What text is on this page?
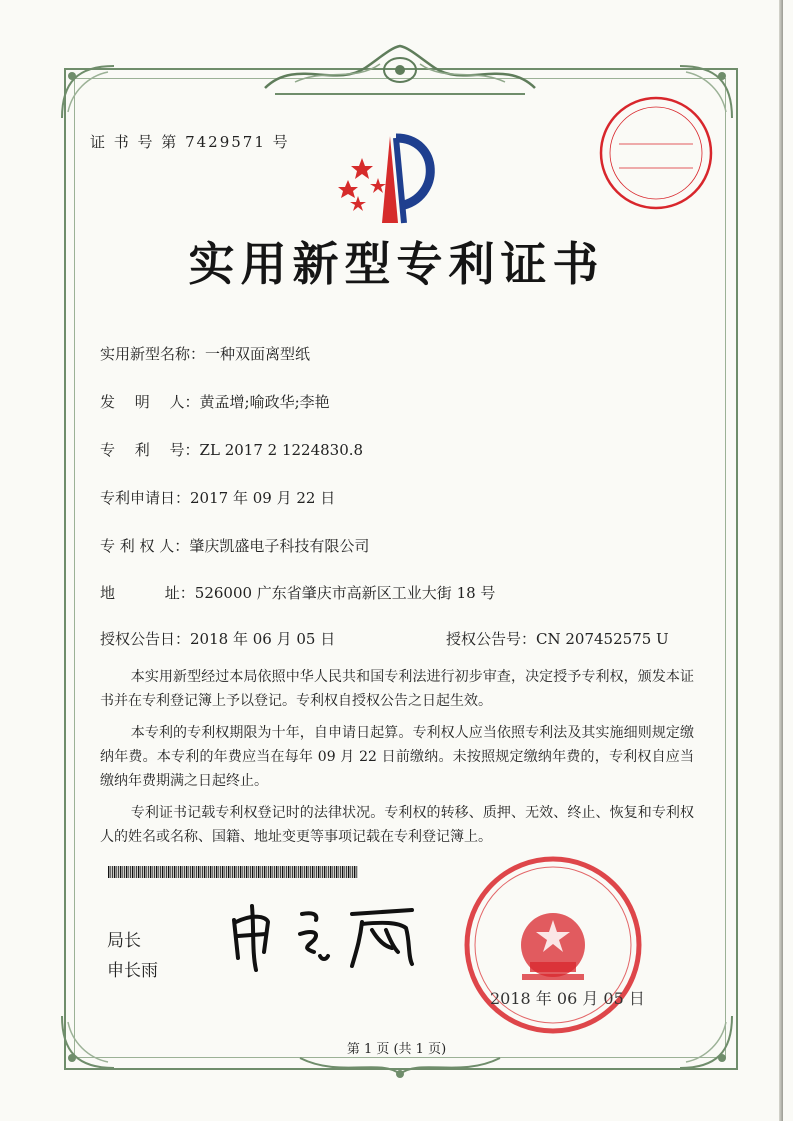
证 书 号 第 7429571 号
实用新型专利证书
实用新型名称：一种双面离型纸
发　 明　 人：黄孟增;喻政华;李艳
专　 利　 号：ZL 2017 2 1224830.8
专利申请日：2017 年 09 月 22 日
专 利 权 人：肇庆凯盛电子科技有限公司
地　　　 址：526000 广东省肇庆市高新区工业大街 18 号
授权公告日：2018 年 06 月 05 日	授权公告号：CN 207452575 U

本实用新型经过本局依照中华人民共和国专利法进行初步审查，决定授予专利权，颁发本证书并在专利登记簿上予以登记。专利权自授权公告之日起生效。

本专利的专利权期限为十年，自申请日起算。专利权人应当依照专利法及其实施细则规定缴纳年费。本专利的年费应当在每年 09 月 22 日前缴纳。未按照规定缴纳年费的，专利权自应当缴纳年费期满之日起终止。

专利证书记载专利权登记时的法律状况。专利权的转移、质押、无效、终止、恢复和专利权人的姓名或名称、国籍、地址变更等事项记载在专利登记簿上。

局长
申长雨
2018 年 06 月 05 日
第 1 页 (共 1 页)
